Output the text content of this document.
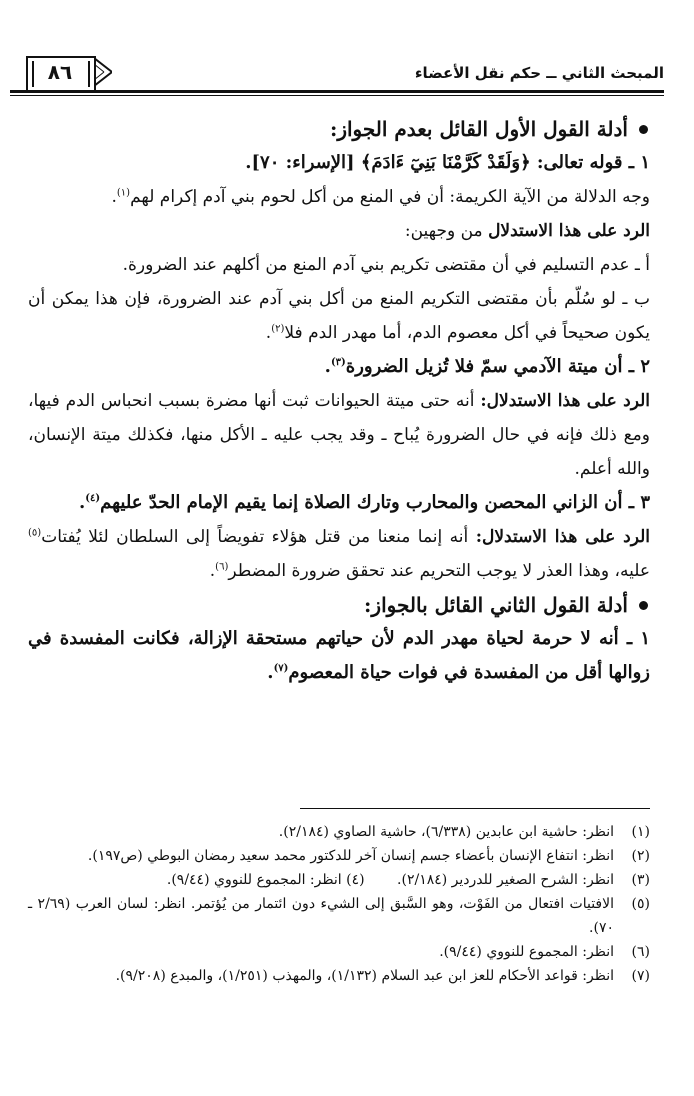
المبحث الثاني ــ حكم نقل الأعضاء
٨٦

أدلة القول الأول القائل بعدم الجواز:

١ ـ قوله تعالى: ﴿وَلَقَدْ كَرَّمْنَا بَنِيٓ ءَادَمَ﴾ [الإسراء: ٧٠].

وجه الدلالة من الآية الكريمة: أن في المنع من أكل لحوم بني آدم إكرام لهم$^{(١)}$.

الرد على هذا الاستدلال من وجهين:

أ ـ عدم التسليم في أن مقتضى تكريم بني آدم المنع من أكلهم عند الضرورة.

ب ـ لو سُلّم بأن مقتضى التكريم المنع من أكل بني آدم عند الضرورة، فإن هذا يمكن أن يكون صحيحاً في أكل معصوم الدم، أما مهدر الدم فلا$^{(٢)}$.

٢ ـ أن ميتة الآدمي سمّ فلا تُزيل الضرورة$^{(٣)}$.

الرد على هذا الاستدلال: أنه حتى ميتة الحيوانات ثبت أنها مضرة بسبب انحباس الدم فيها، ومع ذلك فإنه في حال الضرورة يُباح ـ وقد يجب عليه ـ الأكل منها، فكذلك ميتة الإنسان، والله أعلم.

٣ ـ أن الزاني المحصن والمحارب وتارك الصلاة إنما يقيم الإمام الحدّ عليهم$^{(٤)}$.

الرد على هذا الاستدلال: أنه إنما منعنا من قتل هؤلاء تفويضاً إلى السلطان لئلا يُفتات$^{(٥)}$ عليه، وهذا العذر لا يوجب التحريم عند تحقق ضرورة المضطر$^{(٦)}$.

أدلة القول الثاني القائل بالجواز:

١ ـ أنه لا حرمة لحياة مهدر الدم لأن حياتهم مستحقة الإزالة، فكانت المفسدة في زوالها أقل من المفسدة في فوات حياة المعصوم$^{(٧)}$.

(١)
انظر: حاشية ابن عابدين (٦/٣٣٨)، حاشية الصاوي (٢/١٨٤).
(٢)
انظر: انتفاع الإنسان بأعضاء جسم إنسان آخر للدكتور محمد سعيد رمضان البوطي (ص١٩٧).
(٣)
انظر: الشرح الصغير للدردير (٢/١٨٤). (٤) انظر: المجموع للنووي (٩/٤٤).
(٥)
الافتيات افتعال من الفَوْت، وهو السَّبق إلى الشيء دون ائتمار من يُؤتمر. انظر: لسان العرب (٢/٦٩ ـ ٧٠).
(٦)
انظر: المجموع للنووي (٩/٤٤).
(٧)
انظر: قواعد الأحكام للعز ابن عبد السلام (١/١٣٢)، والمهذب (١/٢٥١)، والمبدع (٩/٢٠٨).
